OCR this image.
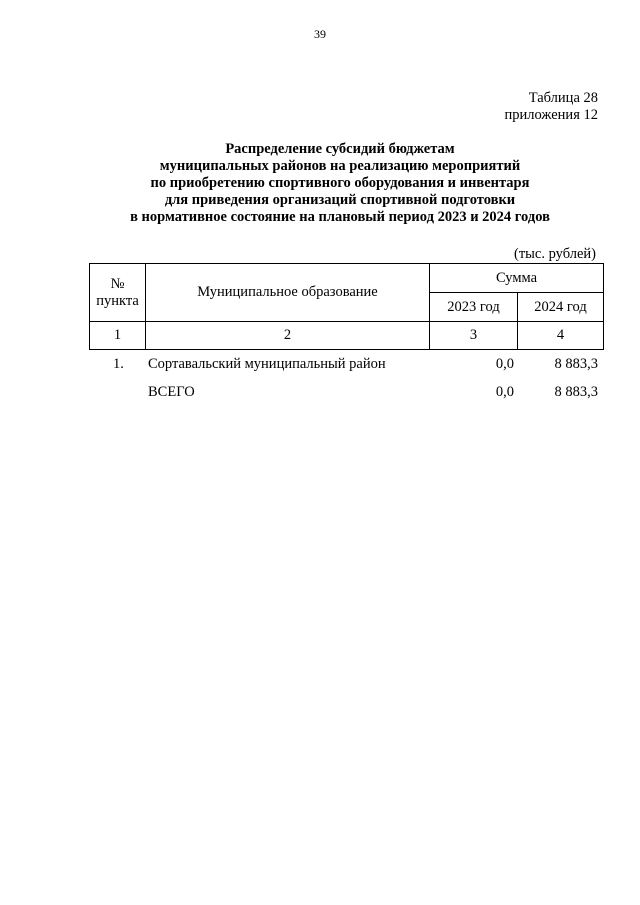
39
Таблица 28
приложения 12
Распределение субсидий бюджетам
муниципальных районов на реализацию мероприятий
по приобретению спортивного оборудования и инвентаря
для приведения организаций спортивной подготовки
в нормативное состояние на плановый период 2023 и 2024 годов
(тыс. рублей)
№
пункта	Муниципальное образование	Сумма	
		2023 год	2024 год
1	2	3	4
1. Сортавальский муниципальный район	0,0	8 883,3
ВСЕГО	0,0	8 883,3
